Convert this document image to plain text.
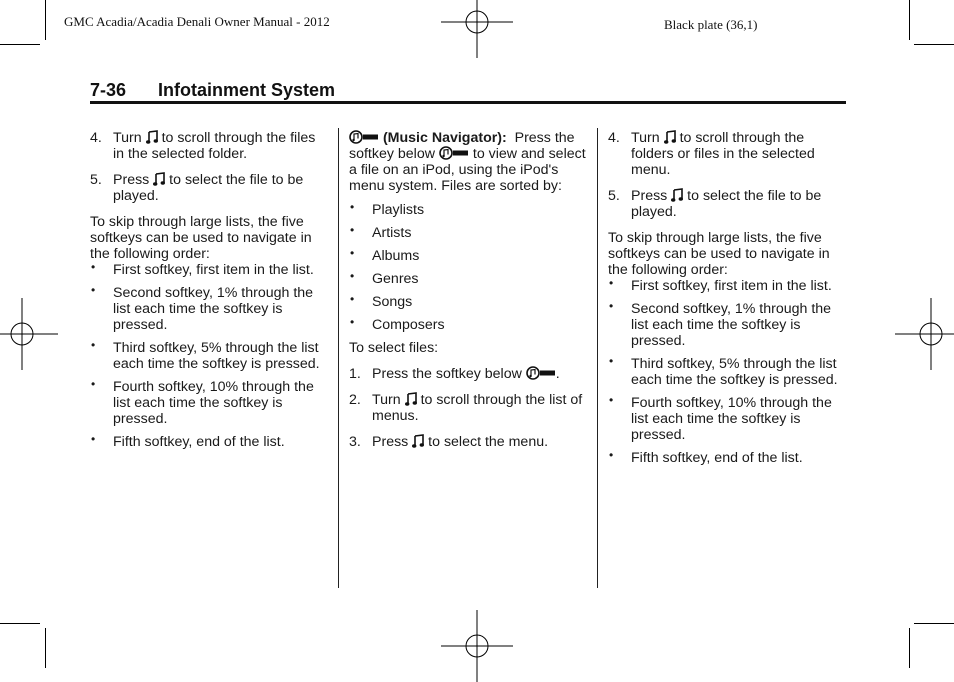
GMC Acadia/Acadia Denali Owner Manual - 2012	Black plate (36,1)
7-36 Infotainment System
4. Turn to scroll through the files in the selected folder.
5. Press to select the file to be played.

To skip through large lists, the five softkeys can be used to navigate in the following order:

• First softkey, first item in the list.
• Second softkey, 1% through the list each time the softkey is pressed.
• Third softkey, 5% through the list each time the softkey is pressed.
• Fourth softkey, 10% through the list each time the softkey is pressed.
• Fifth softkey, end of the list.

(Music Navigator): Press the softkey below	to view and select a file on an iPod, using the iPod's menu system. Files are sorted by:

• Playlists
• Artists
• Albums
• Genres
• Songs
• Composers

To select files:

1. Press the softkey below .
2. Turn to scroll through the list of menus.
3. Press to select the menu.
4. Turn to scroll through the folders or files in the selected menu.
5. Press to select the file to be played.

To skip through large lists, the five softkeys can be used to navigate in the following order:

• First softkey, first item in the list.
• Second softkey, 1% through the list each time the softkey is pressed.
• Third softkey, 5% through the list each time the softkey is pressed.
• Fourth softkey, 10% through the list each time the softkey is pressed.
• Fifth softkey, end of the list.
